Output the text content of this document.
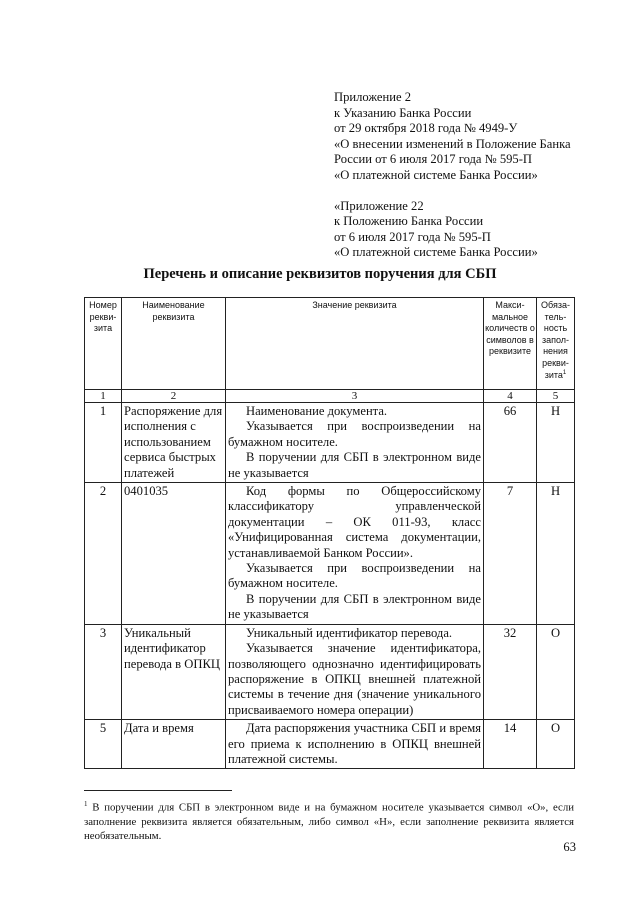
Приложение 2
к Указанию Банка России
от 29 октября 2018 года № 4949-У
«О внесении изменений в Положение Банка
России от 6 июля 2017 года № 595-П
«О платежной системе Банка России»
«Приложение 22
к Положению Банка России
от 6 июля 2017 года № 595-П
«О платежной системе Банка России»
Перечень и описание реквизитов поручения для СБП
Номер рекви- зита	Наименование реквизита	Значение реквизита	Макси- мальное количеств о символов в реквизите	Обяза- тель- ность запол- нения рекви- зита$^1$
1	2	3	4	5
1	Распоряжение для исполнения с использованием сервиса быстрых платежей	Наименование документа.

Указывается при воспроизведении на бумажном носителе.

В поручении для СБП в электронном виде не указывается	66	Н
2	0401035	Код формы по Общероссийскому классификатору управленческой документации – ОК 011-93, класс «Унифицированная система документации, устанавливаемой Банком России».

Указывается при воспроизведении на бумажном носителе.

В поручении для СБП в электронном виде не указывается	7	Н
3	Уникальный идентификатор перевода в ОПКЦ	Уникальный идентификатор перевода.

Указывается значение идентификатора, позволяющего однозначно идентифицировать распоряжение в ОПКЦ внешней платежной системы в течение дня (значение уникального присваиваемого номера операции)	32	О
5	Дата и время	Дата распоряжения участника СБП и время его приема к исполнению в ОПКЦ внешней платежной системы.	14	О
$^1$ В поручении для СБП в электронном виде и на бумажном носителе указывается символ «О», если заполнение реквизита является обязательным, либо символ «Н», если заполнение реквизита является необязательным.
63
